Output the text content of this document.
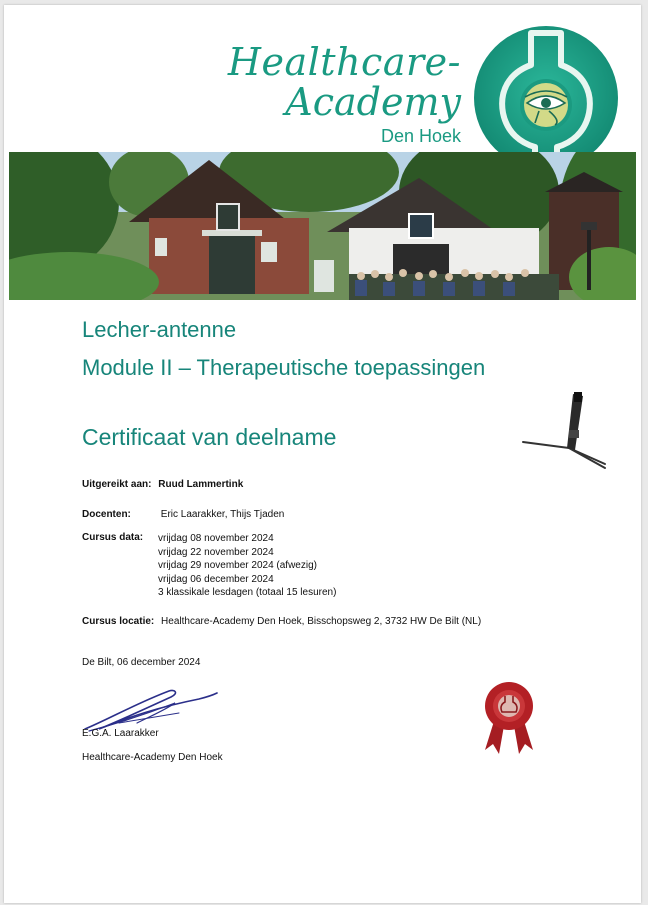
Healthcare-
Academy
Den Hoek
Lecher-antenne
Module II – Therapeutische toepassingen
Certificaat van deelname
Uitgereikt aan: Ruud Lammertink
Docenten:	Eric Laarakker, Thijs Tjaden
Cursus data: vrijdag 08 november 2024
vrijdag 22 november 2024
vrijdag 29 november 2024 (afwezig)
vrijdag 06 december 2024
3 klassikale lesdagen (totaal 15 lesuren)
Cursus locatie: Healthcare-Academy Den Hoek, Bisschopsweg 2, 3732 HW De Bilt (NL)
De Bilt, 06 december 2024
E.G.A. Laarakker
Healthcare-Academy Den Hoek
